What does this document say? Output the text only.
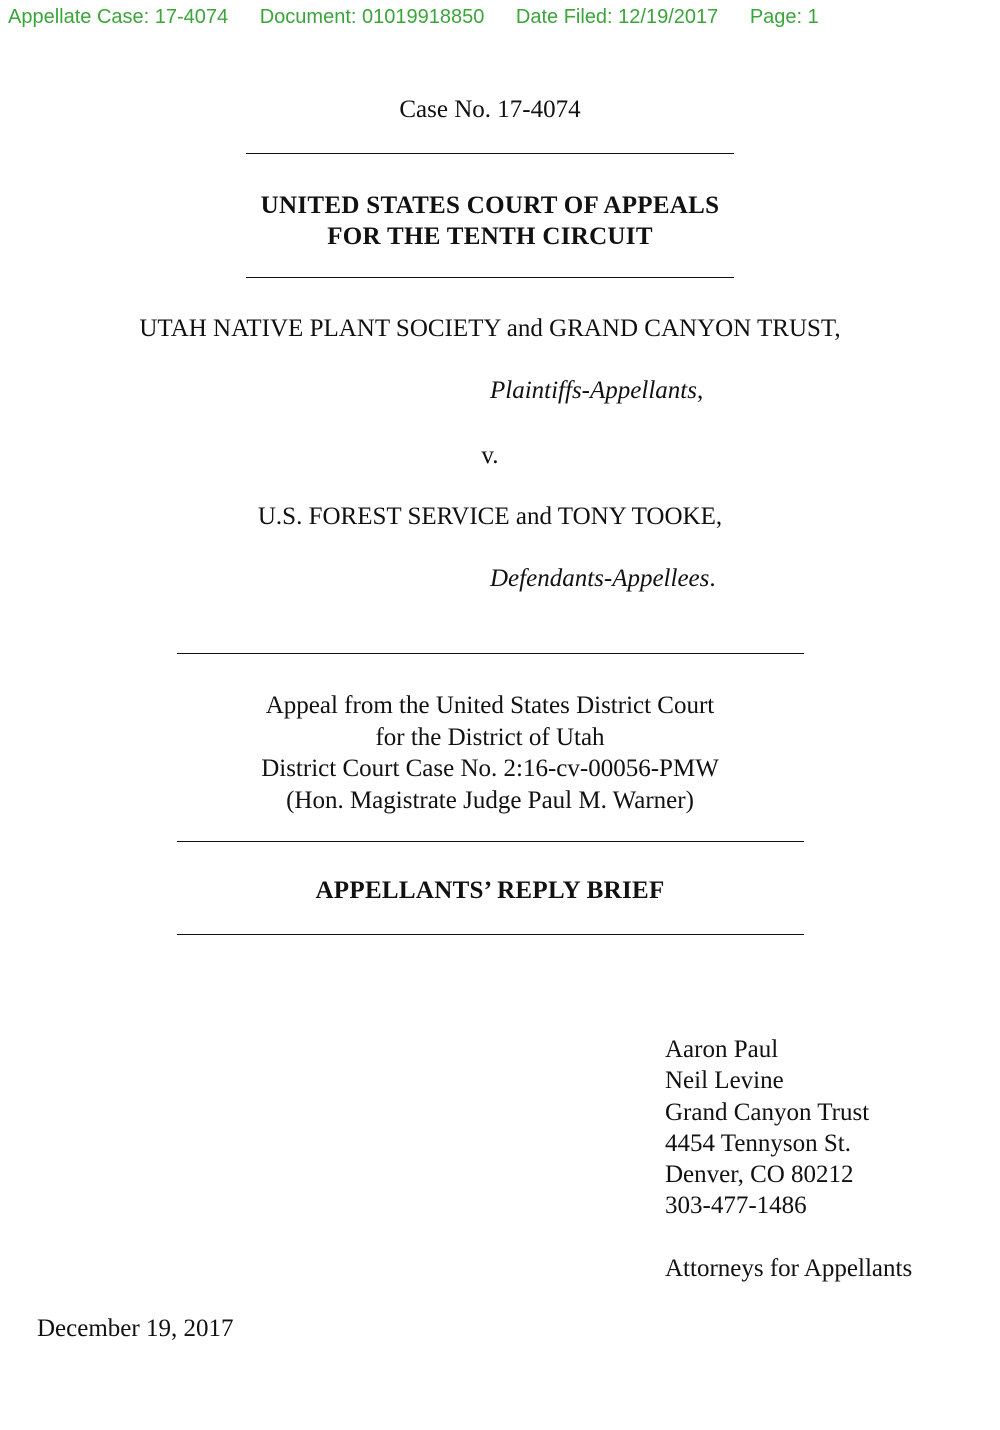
Appellate Case: 17-4074 Document: 01019918850 Date Filed: 12/19/2017 Page: 1
Case No. 17-4074
UNITED STATES COURT OF APPEALS
FOR THE TENTH CIRCUIT
UTAH NATIVE PLANT SOCIETY and GRAND CANYON TRUST,
Plaintiffs-Appellants,
v.
U.S. FOREST SERVICE and TONY TOOKE,
Defendants-Appellees.
Appeal from the United States District Court
for the District of Utah
District Court Case No. 2:16-cv-00056-PMW
(Hon. Magistrate Judge Paul M. Warner)
APPELLANTS’ REPLY BRIEF
Aaron Paul
Neil Levine
Grand Canyon Trust
4454 Tennyson St.
Denver, CO 80212
303-477-1486
Attorneys for Appellants
December 19, 2017
